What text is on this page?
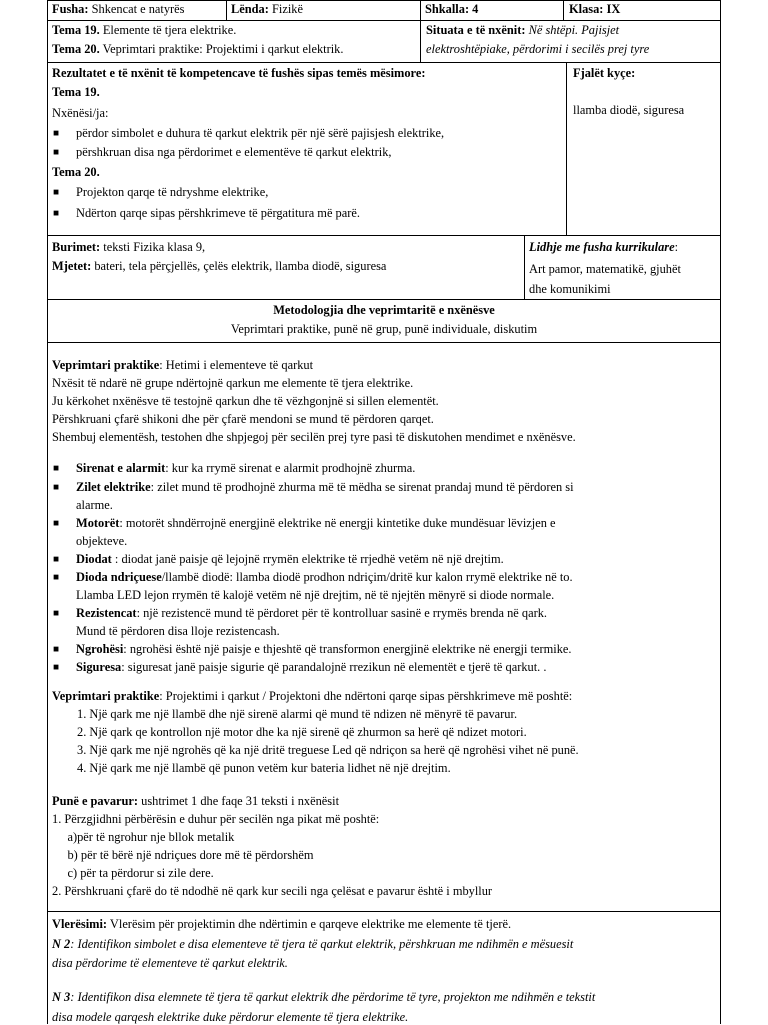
Fusha: Shkencat e natyrës	Lënda: Fizikë	Shkalla: 4	Klasa: IX
Tema 19. Elemente të tjera elektrike.
Tema 20. Veprimtari praktike: Projektimi i qarkut elektrik.
Situata e të nxënit: Në shtëpi. Pajisjet
elektroshtëpiake, përdorimi i secilës prej tyre
Rezultatet e të nxënit të kompetencave të fushës sipas temës mësimore:
Tema 19.
Nxënësi/ja:
■ përdor simbolet e duhura të qarkut elektrik për një sërë pajisjesh elektrike,
■ përshkruan disa nga përdorimet e elementëve të qarkut elektrik,
Tema 20.
■ Projekton qarqe të ndryshme elektrike,
■ Ndërton qarqe sipas përshkrimeve të përgatitura më parë.
Fjalët kyçe:
llamba diodë, siguresa
Burimet: teksti Fizika klasa 9,
Mjetet: bateri, tela përçjellës, çelës elektrik, llamba diodë, siguresa
Lidhje me fusha kurrikulare:
Art pamor, matematikë, gjuhët
dhe komunikimi
Metodologjia dhe veprimtaritë e nxënësve
Veprimtari praktike, punë në grup, punë individuale, diskutim
Veprimtari praktike: Hetimi i elementeve të qarkut
Nxësit të ndarë në grupe ndërtojnë qarkun me elemente të tjera elektrike.
Ju kërkohet nxënësve të testojnë qarkun dhe të vëzhgonjnë si sillen elementët.
Përshkruani çfarë shikoni dhe për çfarë mendoni se mund të përdoren qarqet.
Shembuj elementësh, testohen dhe shpjegoj për secilën prej tyre pasi të diskutohen mendimet e nxënësve.
■ Sirenat e alarmit: kur ka rrymë sirenat e alarmit prodhojnë zhurma.
■ Zilet elektrike: zilet mund të prodhojnë zhurma më të mëdha se sirenat prandaj mund të përdoren si
alarme.
■ Motorët: motorët shndërrojnë energjinë elektrike në energji kintetike duke mundësuar lëvizjen e
objekteve.
■ Diodat : diodat janë paisje që lejojnë rrymën elektrike të rrjedhë vetëm në një drejtim.
■ Dioda ndriçuese/llambë diodë: llamba diodë prodhon ndriçim/dritë kur kalon rrymë elektrike në to.
Llamba LED lejon rrymën të kalojë vetëm në një drejtim, në të njejtën mënyrë si diode normale.
■ Rezistencat: një rezistencë mund të përdoret për të kontrolluar sasinë e rrymës brenda në qark.
Mund të përdoren disa lloje rezistencash.
■ Ngrohësi: ngrohësi është një paisje e thjeshtë që transformon energjinë elektrike në energji termike.
■ Siguresa: siguresat janë paisje sigurie që parandalojnë rrezikun në elementët e tjerë të qarkut. .
Veprimtari praktike: Projektimi i qarkut / Projektoni dhe ndërtoni qarqe sipas përshkrimeve më poshtë:
1. Një qark me një llambë dhe një sirenë alarmi që mund të ndizen në mënyrë të pavarur.
2. Një qark qe kontrollon një motor dhe ka një sirenë që zhurmon sa herë që ndizet motori.
3. Një qark me një ngrohës që ka një dritë treguese Led që ndriçon sa herë që ngrohësi vihet në punë.
4. Një qark me një llambë që punon vetëm kur bateria lidhet në një drejtim.
Punë e pavarur: ushtrimet 1 dhe faqe 31 teksti i nxënësit
1. Përzgjidhni përbërësin e duhur për secilën nga pikat më poshtë:
a)për të ngrohur nje bllok metalik
b) për të bërë një ndriçues dore më të përdorshëm
c) për ta përdorur si zile dere.
2. Përshkruani çfarë do të ndodhë në qark kur secili nga çelësat e pavarur është i mbyllur
Vlerësimi: Vlerësim për projektimin dhe ndërtimin e qarqeve elektrike me elemente të tjerë.
N 2: Identifikon simbolet e disa elementeve të tjera të qarkut elektrik, përshkruan me ndihmën e mësuesit
disa përdorime të elementeve të qarkut elektrik.
N 3: Identifikon disa elemnete të tjera të qarkut elektrik dhe përdorime të tyre, projekton me ndihmën e tekstit
disa modele qarqesh elektrike duke përdorur elemente të tjera elektrike.
